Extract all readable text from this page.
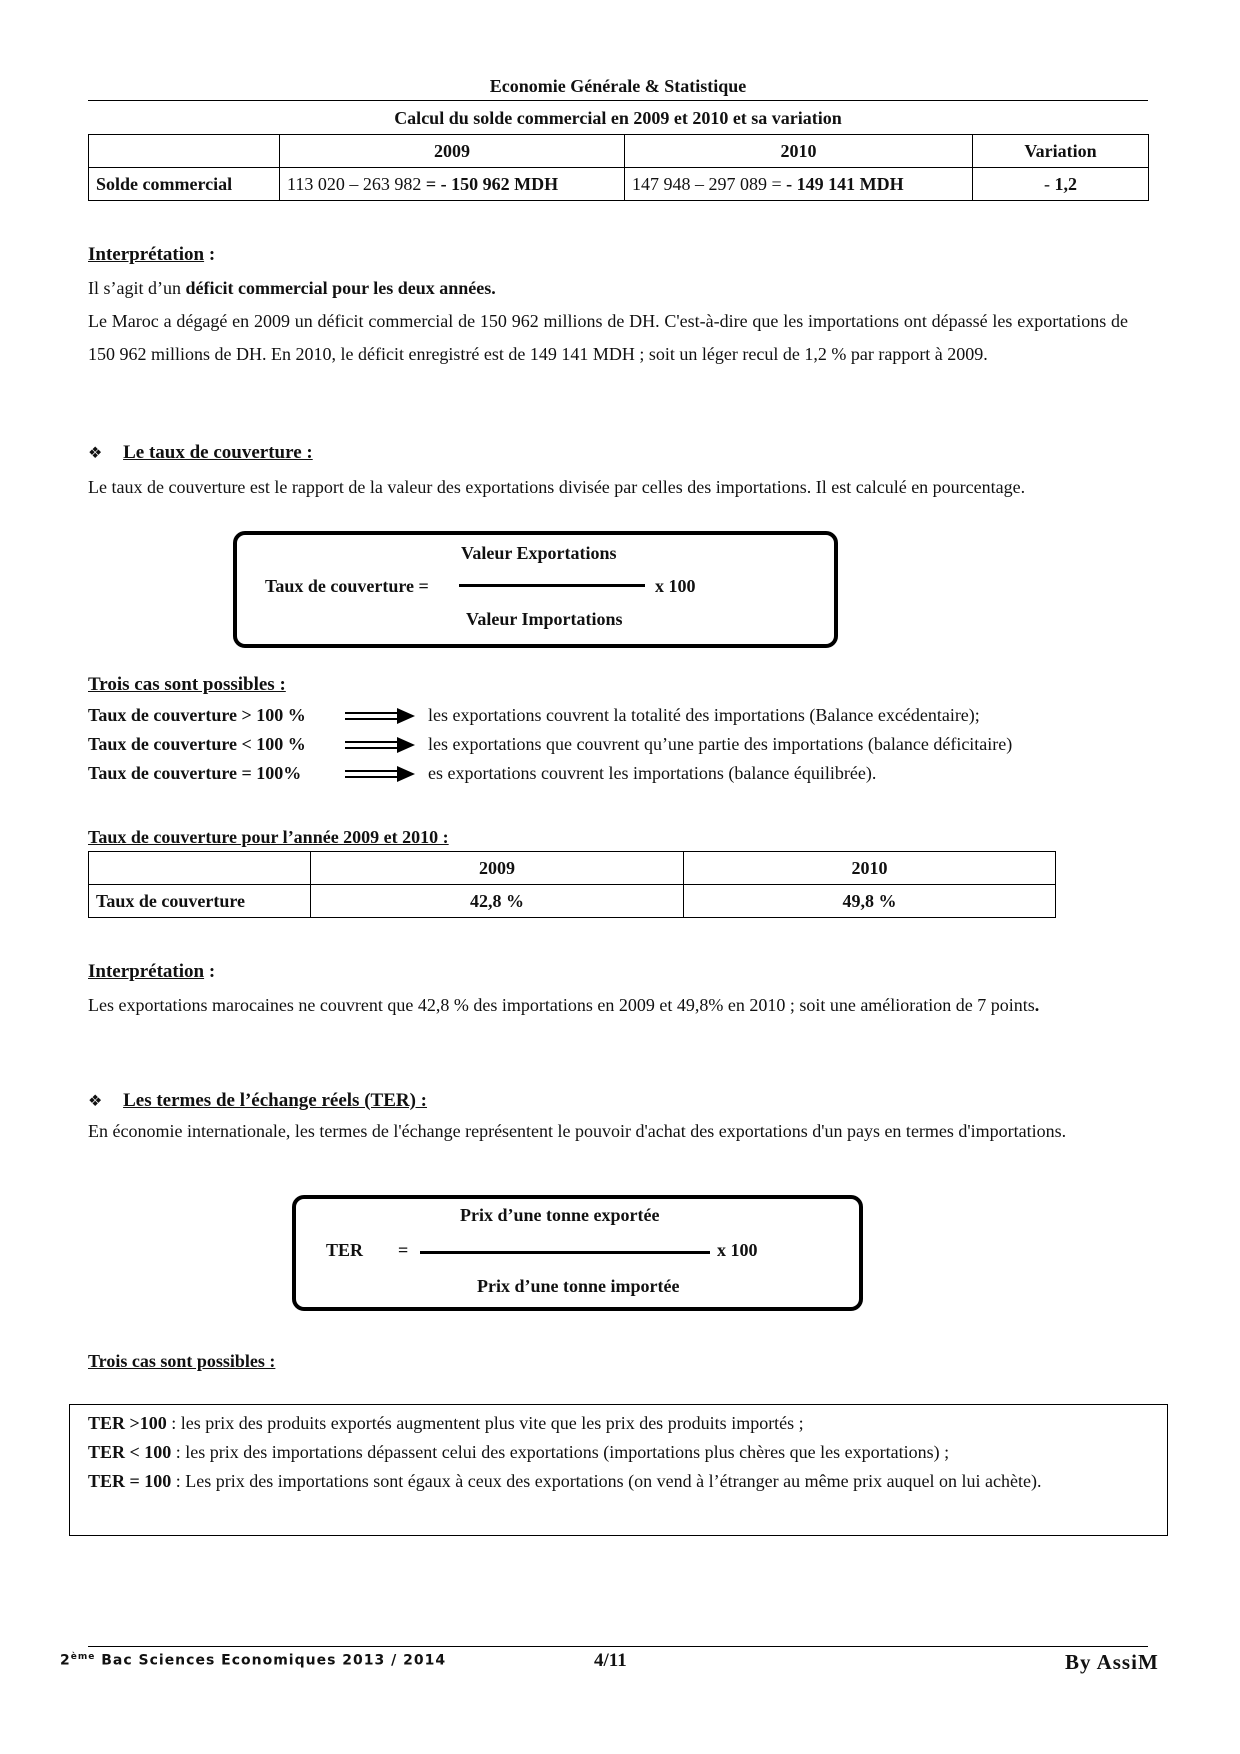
Economie Générale & Statistique
Calcul du solde commercial en 2009 et 2010 et sa variation
	2009	2010	Variation
Solde commercial	113 020 – 263 982 = - 150 962 MDH	147 948 – 297 089 = - 149 141 MDH	- 1,2
Interprétation :
Il s’agit d’un déficit commercial pour les deux années.
Le Maroc a dégagé en 2009 un déficit commercial de 150 962 millions de DH. C'est-à-dire que les importations ont dépassé les exportations de 150 962 millions de DH. En 2010, le déficit enregistré est de 149 141 MDH ; soit un léger recul de 1,2 % par rapport à 2009.
❖ Le taux de couverture :
Le taux de couverture est le rapport de la valeur des exportations divisée par celles des importations. Il est calculé en pourcentage.
Valeur Exportations
Taux de couverture =	x 100
Valeur Importations
Trois cas sont possibles :
Taux de couverture > 100 %	les exportations couvrent la totalité des importations (Balance excédentaire);
Taux de couverture < 100 %	les exportations que couvrent qu’une partie des importations (balance déficitaire)
Taux de couverture = 100%	es exportations couvrent les importations (balance équilibrée).
Taux de couverture pour l’année 2009 et 2010 :
	2009	2010
Taux de couverture	42,8 %	49,8 %
Interprétation :
Les exportations marocaines ne couvrent que 42,8 % des importations en 2009 et 49,8% en 2010 ; soit une amélioration de 7 points.
❖ Les termes de l’échange réels (TER) :
En économie internationale, les termes de l'échange représentent le pouvoir d'achat des exportations d'un pays en termes d'importations.
Prix d’une tonne exportée
TER =	x 100
Prix d’une tonne importée
Trois cas sont possibles :
TER >100 : les prix des produits exportés augmentent plus vite que les prix des produits importés ;
TER < 100 : les prix des importations dépassent celui des exportations (importations plus chères que les exportations) ;
TER = 100 : Les prix des importations sont égaux à ceux des exportations (on vend à l’étranger au même prix auquel on lui achète).
2ème Bac Sciences Economiques 2013 / 2014	4/11	By AssiM
